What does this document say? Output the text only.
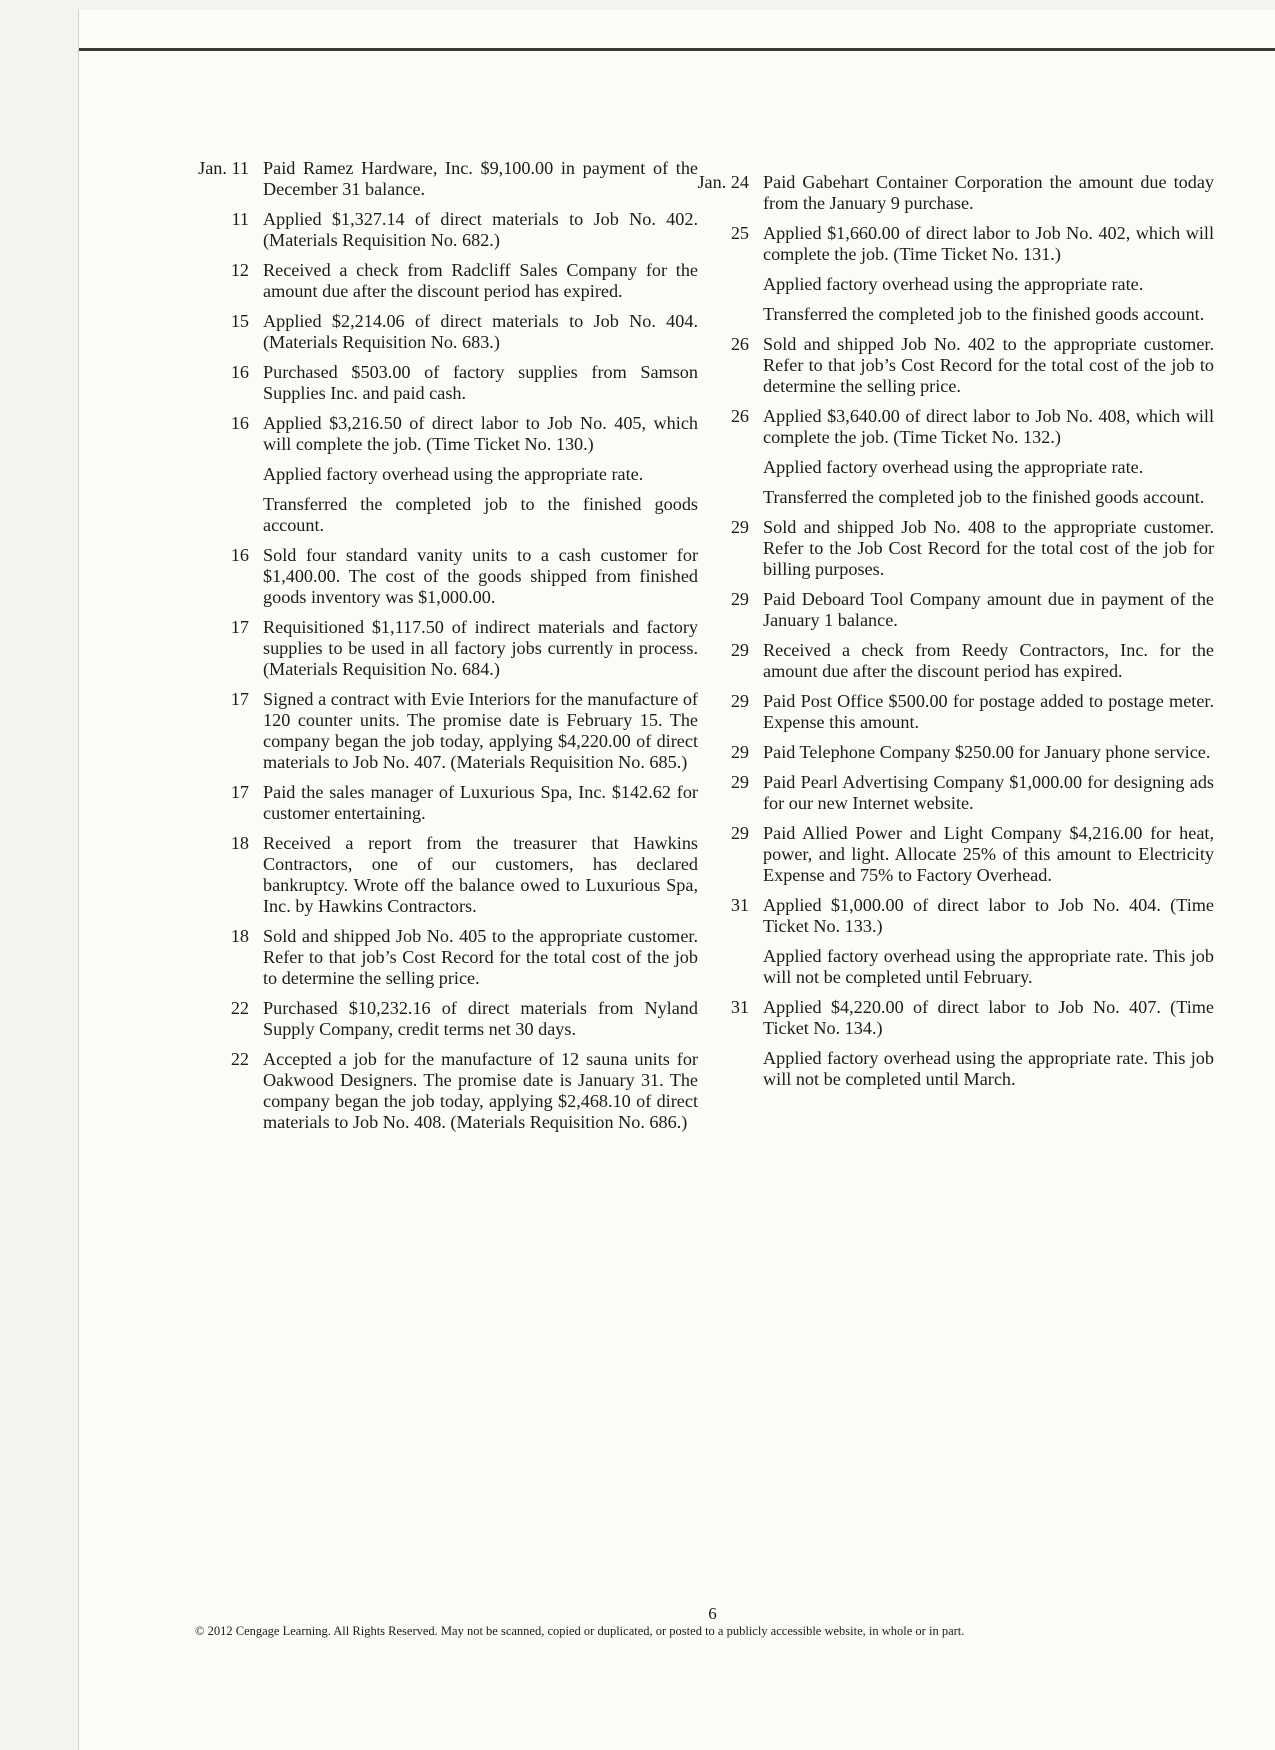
Jan. 11 Paid Ramez Hardware, Inc. $9,100.00 in payment of the December 31 balance.

11 Applied $1,327.14 of direct materials to Job No. 402. (Materials Requisition No. 682.)

12 Received a check from Radcliff Sales Company for the amount due after the discount period has expired.

15 Applied $2,214.06 of direct materials to Job No. 404. (Materials Requisition No. 683.)

16 Purchased $503.00 of factory supplies from Samson Supplies Inc. and paid cash.

16 Applied $3,216.50 of direct labor to Job No. 405, which will complete the job. (Time Ticket No. 130.)

Applied factory overhead using the appropriate rate.

Transferred the completed job to the finished goods account.

16 Sold four standard vanity units to a cash customer for $1,400.00. The cost of the goods shipped from finished goods inventory was $1,000.00.

17 Requisitioned $1,117.50 of indirect materials and factory supplies to be used in all factory jobs currently in process. (Materials Requisition No. 684.)

17 Signed a contract with Evie Interiors for the manufacture of 120 counter units. The promise date is February 15. The company began the job today, applying $4,220.00 of direct materials to Job No. 407. (Materials Requisition No. 685.)

17 Paid the sales manager of Luxurious Spa, Inc. $142.62 for customer entertaining.

18 Received a report from the treasurer that Hawkins Contractors, one of our customers, has declared bankruptcy. Wrote off the balance owed to Luxurious Spa, Inc. by Hawkins Contractors.

18 Sold and shipped Job No. 405 to the appropriate customer. Refer to that job’s Cost Record for the total cost of the job to determine the selling price.

22 Purchased $10,232.16 of direct materials from Nyland Supply Company, credit terms net 30 days.

22 Accepted a job for the manufacture of 12 sauna units for Oakwood Designers. The promise date is January 31. The company began the job today, applying $2,468.10 of direct materials to Job No. 408. (Materials Requisition No. 686.)

Jan. 24 Paid Gabehart Container Corporation the amount due today from the January 9 purchase.

25 Applied $1,660.00 of direct labor to Job No. 402, which will complete the job. (Time Ticket No. 131.)

Applied factory overhead using the appropriate rate.

Transferred the completed job to the finished goods account.

26 Sold and shipped Job No. 402 to the appropriate customer. Refer to that job’s Cost Record for the total cost of the job to determine the selling price.

26 Applied $3,640.00 of direct labor to Job No. 408, which will complete the job. (Time Ticket No. 132.)

Applied factory overhead using the appropriate rate.

Transferred the completed job to the finished goods account.

29 Sold and shipped Job No. 408 to the appropriate customer. Refer to the Job Cost Record for the total cost of the job for billing purposes.

29 Paid Deboard Tool Company amount due in payment of the January 1 balance.

29 Received a check from Reedy Contractors, Inc. for the amount due after the discount period has expired.

29 Paid Post Office $500.00 for postage added to postage meter. Expense this amount.

29 Paid Telephone Company $250.00 for January phone service.

29 Paid Pearl Advertising Company $1,000.00 for designing ads for our new Internet website.

29 Paid Allied Power and Light Company $4,216.00 for heat, power, and light. Allocate 25% of this amount to Electricity Expense and 75% to Factory Overhead.

31 Applied $1,000.00 of direct labor to Job No. 404. (Time Ticket No. 133.)

Applied factory overhead using the appropriate rate. This job will not be completed until February.

31 Applied $4,220.00 of direct labor to Job No. 407. (Time Ticket No. 134.)

Applied factory overhead using the appropriate rate. This job will not be completed until March.

6
© 2012 Cengage Learning. All Rights Reserved. May not be scanned, copied or duplicated, or posted to a publicly accessible website, in whole or in part.
